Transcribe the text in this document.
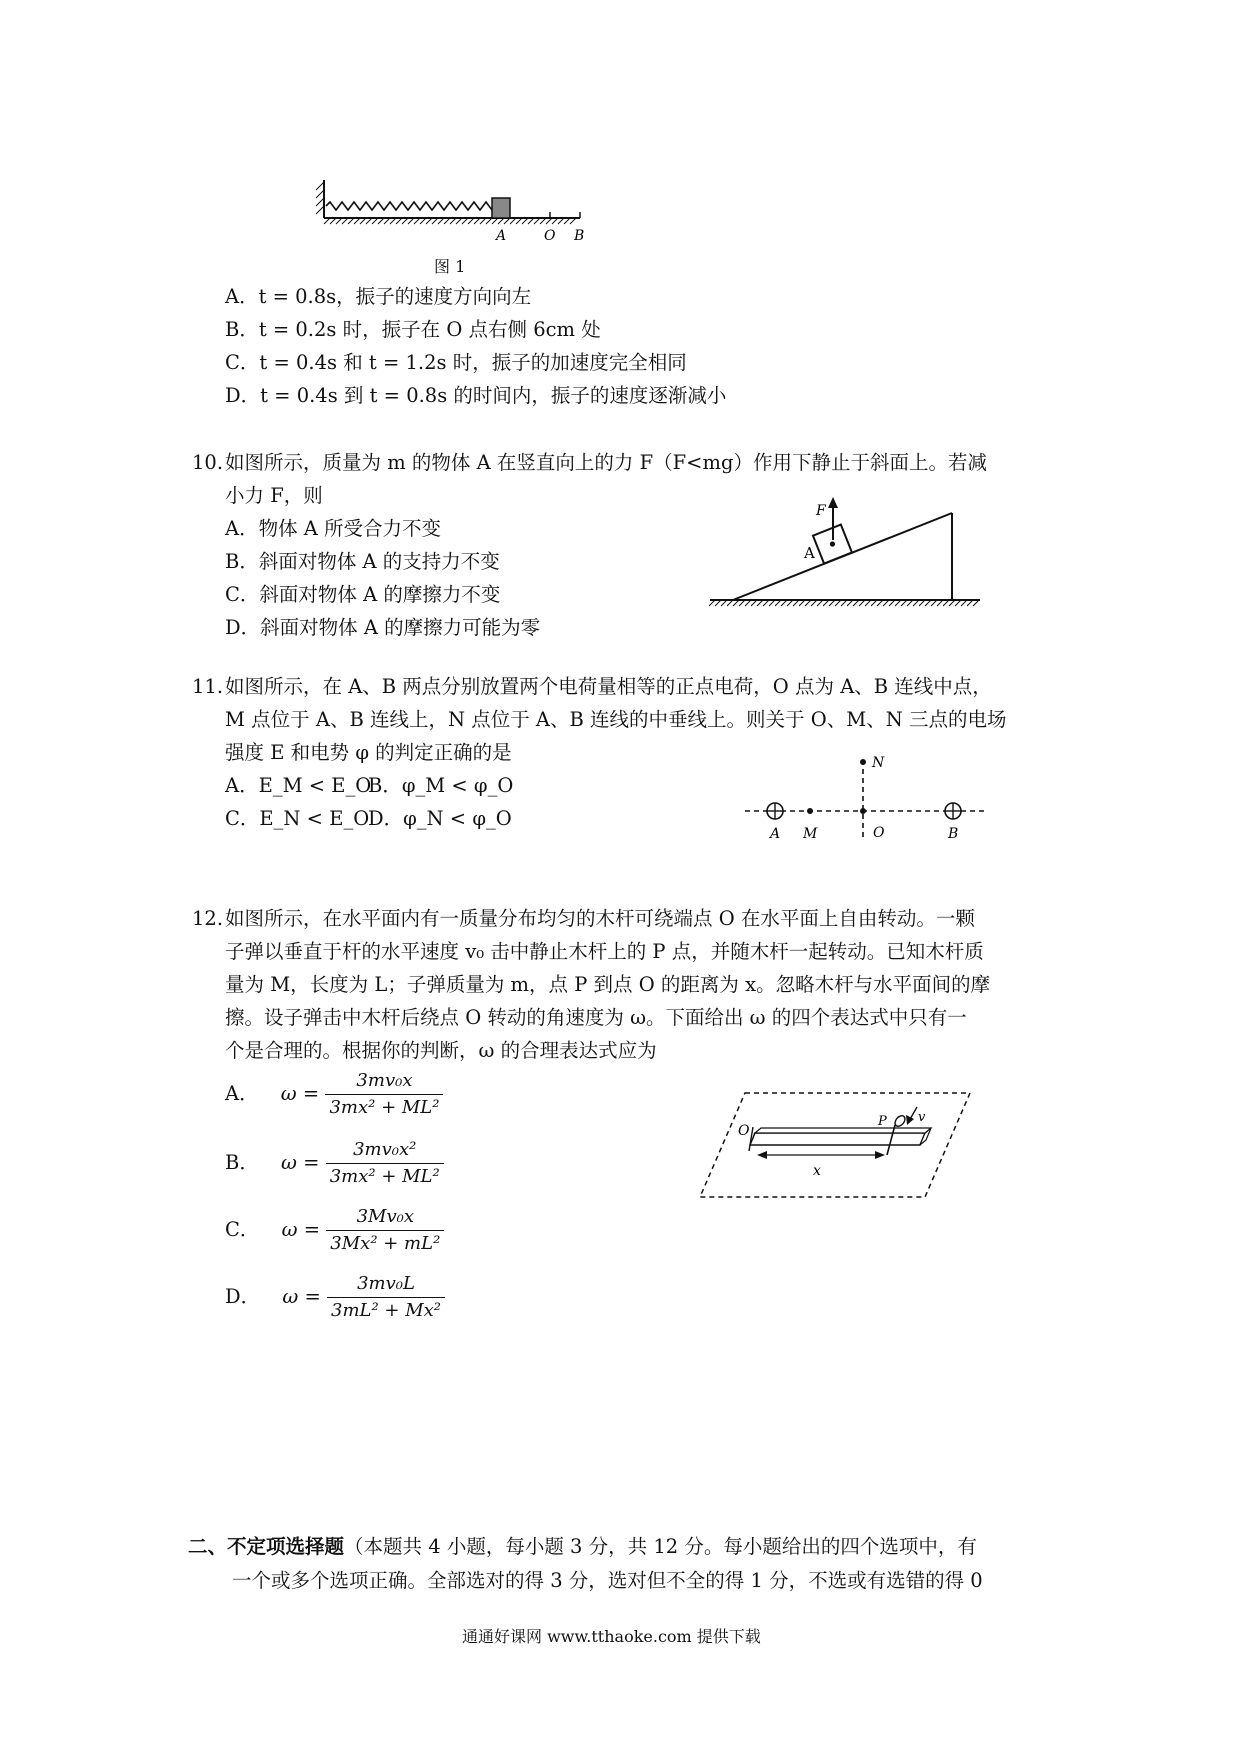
A	O B
图 1
A．t = 0.8s，振子的速度方向向左
B．t = 0.2s 时，振子在 O 点右侧 6cm 处
C．t = 0.4s 和 t = 1.2s 时，振子的加速度完全相同
D．t = 0.4s 到 t = 0.8s 的时间内，振子的速度逐渐减小
10. 如图所示，质量为 m 的物体 A 在竖直向上的力 F（F<mg）作用下静止于斜面上。若减
小力 F，则
A．物体 A 所受合力不变
B．斜面对物体 A 的支持力不变
C．斜面对物体 A 的摩擦力不变
D．斜面对物体 A 的摩擦力可能为零
F
A
11. 如图所示，在 A、B 两点分别放置两个电荷量相等的正点电荷，O 点为 A、B 连线中点，
M 点位于 A、B 连线上，N 点位于 A、B 连线的中垂线上。则关于 O、M、N 三点的电场
强度 E 和电势 φ 的判定正确的是
A．E_M < E_O
B．φ_M < φ_O
C．E_N < E_O
D．φ_N < φ_O
N
A M	O	B
12. 如图所示，在水平面内有一质量分布均匀的木杆可绕端点 O 在水平面上自由转动。一颗
子弹以垂直于杆的水平速度 v₀ 击中静止木杆上的 P 点，并随木杆一起转动。已知木杆质
量为 M，长度为 L；子弹质量为 m，点 P 到点 O 的距离为 x。忽略木杆与水平面间的摩
擦。设子弹击中木杆后绕点 O 转动的角速度为 ω。下面给出 ω 的四个表达式中只有一
个是合理的。根据你的判断，ω 的合理表达式应为
A． $\omega = \frac{\text{3mv₀x}}{\text{3mx² + ML²}}$
B． $\omega = \frac{\text{3mv₀x²}}{\text{3mx² + ML²}}$
C． $\omega = \frac{\text{3Mv₀x}}{\text{3Mx² + mL²}}$
D． $\omega = \frac{\text{3mv₀L}}{\text{3mL² + Mx²}}$
O
P v
x
二、不定项选择题（本题共 4 小题，每小题 3 分，共 12 分。每小题给出的四个选项中，有
一个或多个选项正确。全部选对的得 3 分，选对但不全的得 1 分，不选或有选错的得 0
通通好课网 www.tthaoke.com 提供下载
